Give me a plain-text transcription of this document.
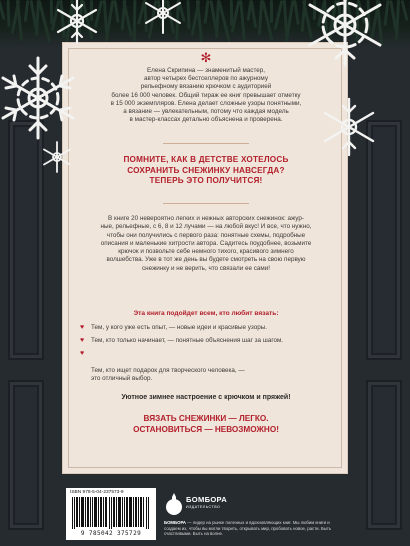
✻
Елена Скрипина — знаменитый мастер,
автор четырех бестселлеров по ажурному
рельефному вязанию крючком с аудиторией
более 16 000 человек. Общий тираж ее книг превышает отметку
в 15 000 экземпляров. Елена делает сложные узоры понятными,
а вязание — увлекательным, потому что каждая модель
в мастер-классах детально объяснена и проверена.
ПОМНИТЕ, КАК В ДЕТСТВЕ ХОТЕЛОСЬ
СОХРАНИТЬ СНЕЖИНКУ НАВСЕГДА?
ТЕПЕРЬ ЭТО ПОЛУЧИТСЯ!
В книге 20 невероятно легких и нежных авторских снежинок: ажур-
ные, рельефные, с 6, 8 и 12 лучами — на любой вкус! И все, что нужно,
чтобы они получились с первого раза: понятные схемы, подробные
описания и маленькие хитрости автора. Садитесь поудобнее, возьмите
крючок и позвольте себе немного тихого, красивого зимнего
волшебства. Уже в тот же день вы будете смотреть на свою первую
снежинку и не верить, что связали ее сами!
Эта книга подойдет всем, кто любит вязать:
♥ Тем, у кого уже есть опыт, — новые идеи и красивые узоры.
♥ Тем, кто только начинает, — понятные объяснения шаг за шагом.

♥

Тем, кто ищет подарок для творческого человека, —
это отличный выбор.

Уютное зимнее настроение с крючком и пряжей!
ВЯЗАТЬ СНЕЖИНКИ — ЛЕГКО.
ОСТАНОВИТЬСЯ — НЕВОЗМОЖНО!
ISBN 978-5-04-237573-9
9 785042 375729
БОМБОРА
ИЗДАТЕЛЬСТВО
БОМБОРА — лидер на рынке полезных и вдохновляющих книг. Мы любим книги и создаем их, чтобы вы могли творить, открывать мир, пробовать новое, расти. Быть счастливыми. Быть на волне.
